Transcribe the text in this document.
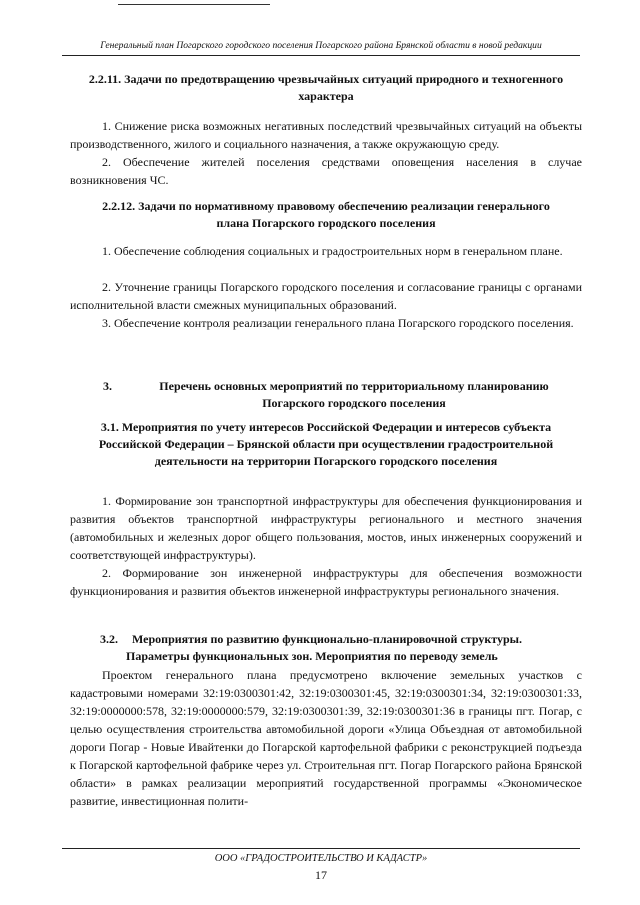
Генеральный план Погарского городского поселения Погарского района Брянской области в новой редакции
2.2.11. Задачи по предотвращению чрезвычайных ситуаций природного и техногенного характера
1. Снижение риска возможных негативных последствий чрезвычайных ситуаций на объекты производственного, жилого и социального назначения, а также окружающую среду.
2. Обеспечение жителей поселения средствами оповещения населения в случае возникновения ЧС.
2.2.12. Задачи по нормативному правовому обеспечению реализации генерального плана Погарского городского поселения
1. Обеспечение соблюдения социальных и градостроительных норм в генеральном плане.
2. Уточнение границы Погарского городского поселения и согласование границы с органами исполнительной власти смежных муниципальных образований.
3. Обеспечение контроля реализации генерального плана Погарского городского поселения.
3.	Перечень основных мероприятий по территориальному планированию Погарского городского поселения
3.1. Мероприятия по учету интересов Российской Федерации и интересов субъекта Российской Федерации – Брянской области при осуществлении градостроительной деятельности на территории Погарского городского поселения
1. Формирование зон транспортной инфраструктуры для обеспечения функционирования и развития объектов транспортной инфраструктуры регионального и местного значения (автомобильных и железных дорог общего пользования, мостов, иных инженерных сооружений и соответствующей инфраструктуры).
2. Формирование зон инженерной инфраструктуры для обеспечения возможности функционирования и развития объектов инженерной инфраструктуры регионального значения.
3.2. Мероприятия по развитию функционально-планировочной структуры.
Параметры функциональных зон. Мероприятия по переводу земель
Проектом генерального плана предусмотрено включение земельных участков с кадастровыми номерами 32:19:0300301:42, 32:19:0300301:45, 32:19:0300301:34, 32:19:0300301:33, 32:19:0000000:578, 32:19:0000000:579, 32:19:0300301:39, 32:19:0300301:36 в границы пгт. Погар, с целью осуществления строительства автомобильной дороги «Улица Объездная от автомобильной дороги Погар - Новые Ивайтенки до Погарской картофельной фабрики с реконструкцией подъезда к Погарской картофельной фабрике через ул. Строительная пгт. Погар Погарского района Брянской области» в рамках реализации мероприятий государственной программы «Экономическое развитие, инвестиционная полити-
ООО «ГРАДОСТРОИТЕЛЬСТВО И КАДАСТР»
17
